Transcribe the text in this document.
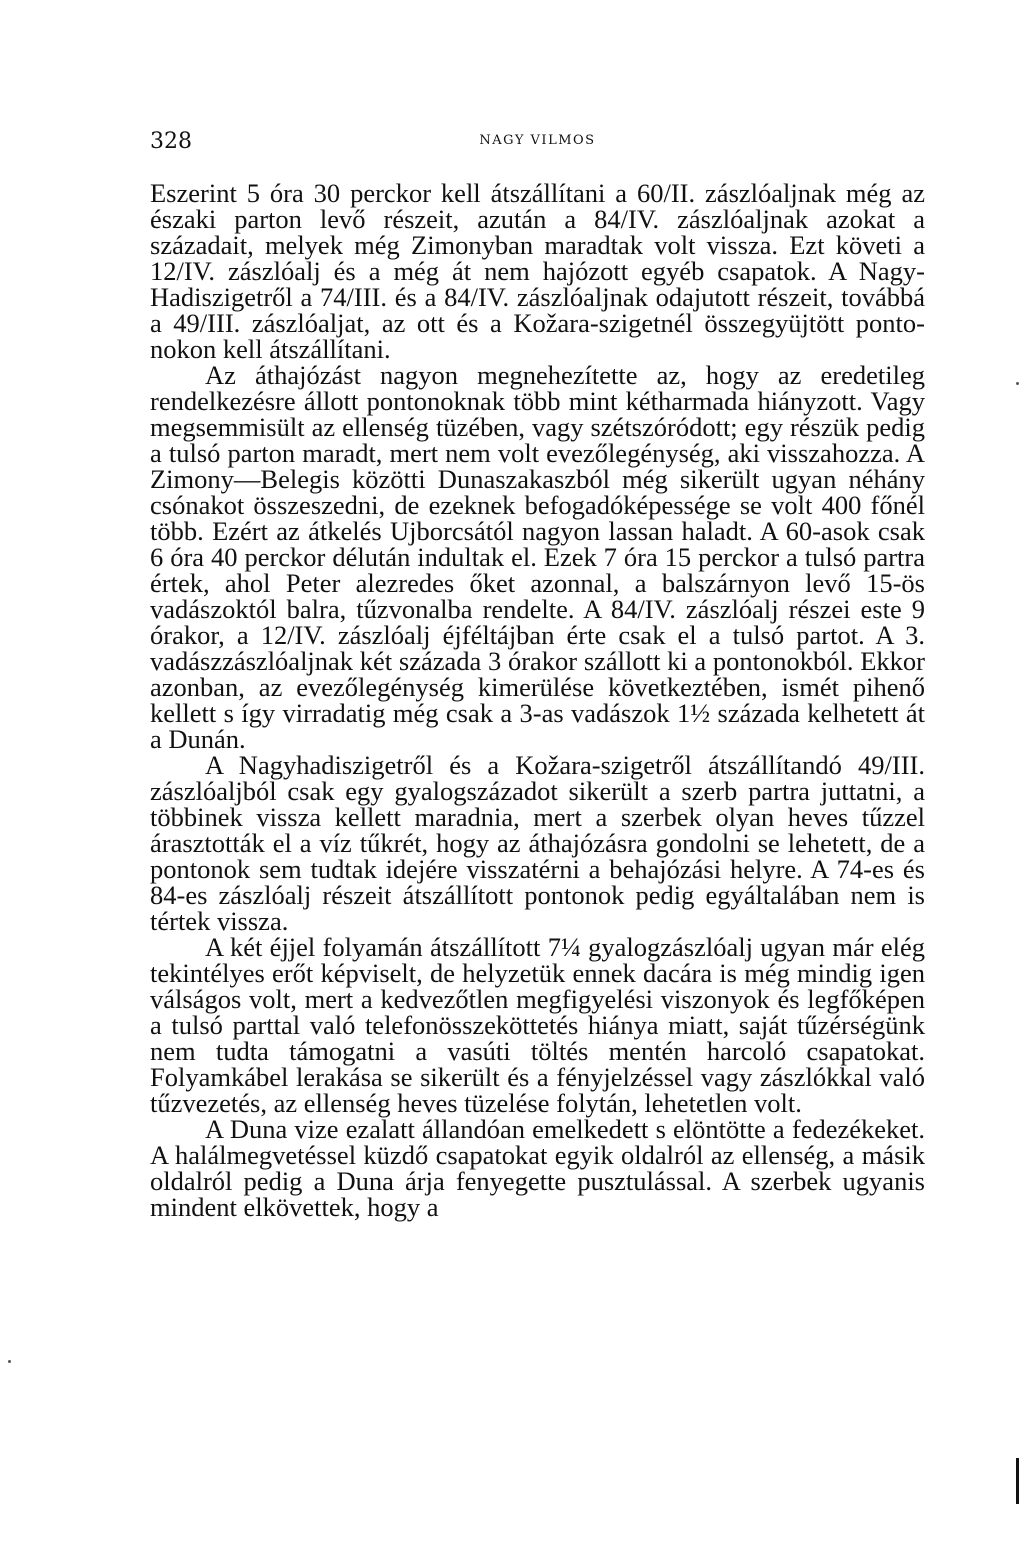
328	NAGY VILMOS

Eszerint 5 óra 30 perckor kell átszállítani a 60/II. zászlóaljnak még az északi parton levő részeit, azután a 84/IV. zászlóaljnak azokat a századait, melyek még Zimonyban maradtak volt vissza. Ezt követi a 12/IV. zászlóalj és a még át nem hajózott egyéb csapatok. A Nagy-Hadiszigetről a 74/III. és a 84/IV. zászlóaljnak odajutott részeit, továbbá a 49/III. zászlóaljat, az ott és a Kožara-szigetnél összegyüjtött pontonokon kell átszállítani.

Az áthajózást nagyon megnehezítette az, hogy az eredetileg rendelkezésre állott pontonoknak több mint kétharmada hiányzott. Vagy megsemmisült az ellenség tüzében, vagy szétszóródott; egy részük pedig a tulsó parton maradt, mert nem volt evezőlegénység, aki visszahozza. A Zimony—Belegis közötti Dunaszakaszból még sikerült ugyan néhány csónakot összeszedni, de ezeknek befogadóképessége se volt 400 főnél több. Ezért az átkelés Ujborcsától nagyon lassan haladt. A 60-asok csak 6 óra 40 perckor délután indultak el. Ezek 7 óra 15 perckor a tulsó partra értek, ahol Peter alezredes őket azonnal, a balszárnyon levő 15-ös vadászoktól balra, tűzvonalba rendelte. A 84/IV. zászlóalj részei este 9 órakor, a 12/IV. zászlóalj éjféltájban érte csak el a tulsó partot. A 3. vadászzászlóaljnak két százada 3 órakor szállott ki a pontonokból. Ekkor azonban, az evezőlegénység kimerülése következtében, ismét pihenő kellett s így virradatig még csak a 3-as vadászok 1½ százada kelhetett át a Dunán.

A Nagyhadiszigetről és a Kožara-szigetről átszállítandó 49/III. zászlóaljból csak egy gyalogszázadot sikerült a szerb partra juttatni, a többinek vissza kellett maradnia, mert a szerbek olyan heves tűzzel árasztották el a víz tűkrét, hogy az áthajózásra gondolni se lehetett, de a pontonok sem tudtak idejére visszatérni a behajózási helyre. A 74-es és 84-es zászlóalj részeit átszállított pontonok pedig egyáltalában nem is tértek vissza.

A két éjjel folyamán átszállított 7¼ gyalogzászlóalj ugyan már elég tekintélyes erőt képviselt, de helyzetük ennek dacára is még mindig igen válságos volt, mert a kedvezőtlen megfigyelési viszonyok és legfőképen a tulsó parttal való telefonösszeköttetés hiánya miatt, saját tűzérségünk nem tudta támogatni a vasúti töltés mentén harcoló csapatokat. Folyamkábel lerakása se sikerült és a fényjelzéssel vagy zászlókkal való tűzvezetés, az ellenség heves tüzelése folytán, lehetetlen volt.

A Duna vize ezalatt állandóan emelkedett s elöntötte a fedezékeket. A halálmegvetéssel küzdő csapatokat egyik oldalról az ellenség, a másik oldalról pedig a Duna árja fenyegette pusztulással. A szerbek ugyanis mindent elkövettek, hogy a
